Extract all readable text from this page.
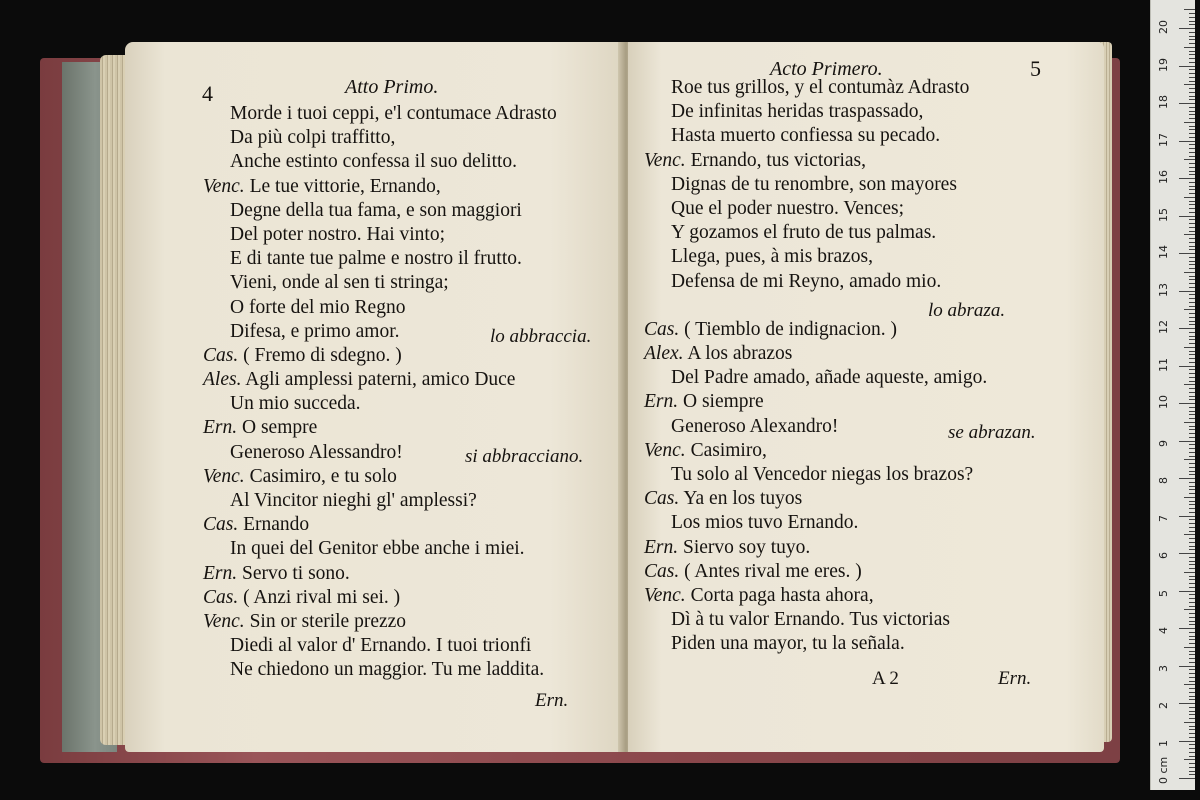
4	Atto Primo.
Morde i tuoi ceppi, e'l contumace Adrasto
Da più colpi traffitto,
Anche estinto confessa il suo delitto.
Venc. Le tue vittorie, Ernando,
Degne della tua fama, e son maggiori
Del poter nostro. Hai vinto;
E di tante tue palme e nostro il frutto.
Vieni, onde al sen ti stringa;
O forte del mio Regno
Difesa, e primo amor.
Cas. ( Fremo di sdegno. )
Ales. Agli amplessi paterni, amico Duce
Un mio succeda.
Ern. O sempre
Generoso Alessandro!
Venc. Casimiro, e tu solo
Al Vincitor nieghi gl' amplessi?
Cas. Ernando
In quei del Genitor ebbe anche i miei.
Ern. Servo ti sono.
Cas. ( Anzi rival mi sei. )
Venc. Sin or sterile prezzo
Diedi al valor d' Ernando. I tuoi trionfi
Ne chiedono un maggior. Tu me laddita.
lo abbraccia.
si abbracciano.
Ern.
Acto Primero.	5
Roe tus grillos, y el contumàz Adrasto
De infinitas heridas traspassado,
Hasta muerto confiessa su pecado.
Venc. Ernando, tus victorias,
Dignas de tu renombre, son mayores
Que el poder nuestro. Vences;
Y gozamos el fruto de tus palmas.
Llega, pues, à mis brazos,
Defensa de mi Reyno, amado mio.
Cas. ( Tiemblo de indignacion. )
Alex. A los abrazos
Del Padre amado, añade aqueste, amigo.
Ern. O siempre
Generoso Alexandro!
Venc. Casimiro,
Tu solo al Vencedor niegas los brazos?
Cas. Ya en los tuyos
Los mios tuvo Ernando.
Ern. Siervo soy tuyo.
Cas. ( Antes rival me eres. )
Venc. Corta paga hasta ahora,
Dì à tu valor Ernando. Tus victorias
Piden una mayor, tu la señala.
lo abraza.
se abrazan.
A 2	Ern.
0 cm
1
2
3
4
5
6
7
8
9
10
11
12
13
14
15
16
17
18
19
20
